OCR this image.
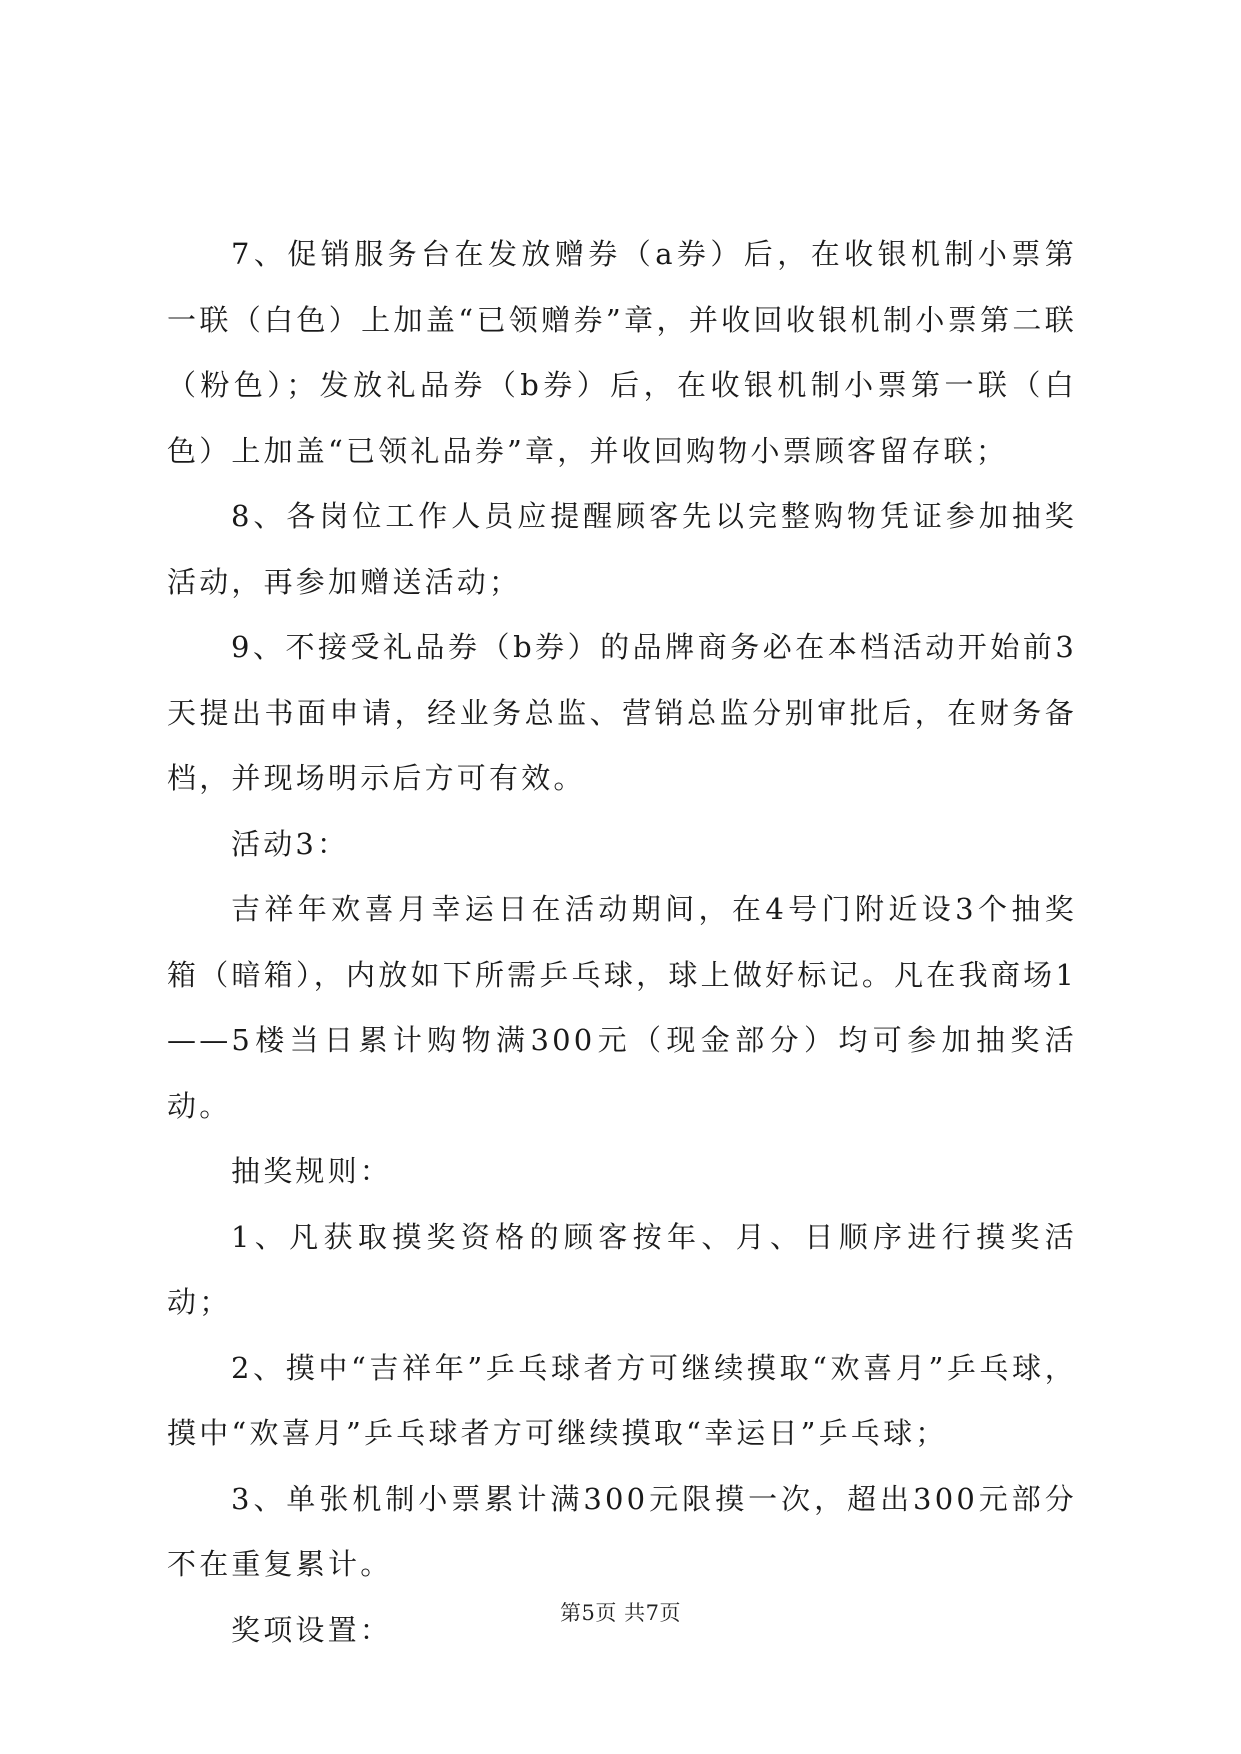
7、促销服务台在发放赠券（a券）后，在收银机制小票第一联（白色）上加盖“已领赠券”章，并收回收银机制小票第二联（粉色）；发放礼品券（b券）后，在收银机制小票第一联（白色）上加盖“已领礼品券”章，并收回购物小票顾客留存联；

8、各岗位工作人员应提醒顾客先以完整购物凭证参加抽奖活动，再参加赠送活动；

9、不接受礼品券（b券）的品牌商务必在本档活动开始前3天提出书面申请，经业务总监、营销总监分别审批后，在财务备档，并现场明示后方可有效。

活动3：

吉祥年欢喜月幸运日在活动期间，在4号门附近设3个抽奖箱（暗箱），内放如下所需乒乓球，球上做好标记。凡在我商场1——5楼当日累计购物满300元（现金部分）均可参加抽奖活动。

抽奖规则：

1、凡获取摸奖资格的顾客按年、月、日顺序进行摸奖活动；

2、摸中“吉祥年”乒乓球者方可继续摸取“欢喜月”乒乓球，摸中“欢喜月”乒乓球者方可继续摸取“幸运日”乒乓球；

3、单张机制小票累计满300元限摸一次，超出300元部分不在重复累计。

奖项设置：	第5页 共7页
